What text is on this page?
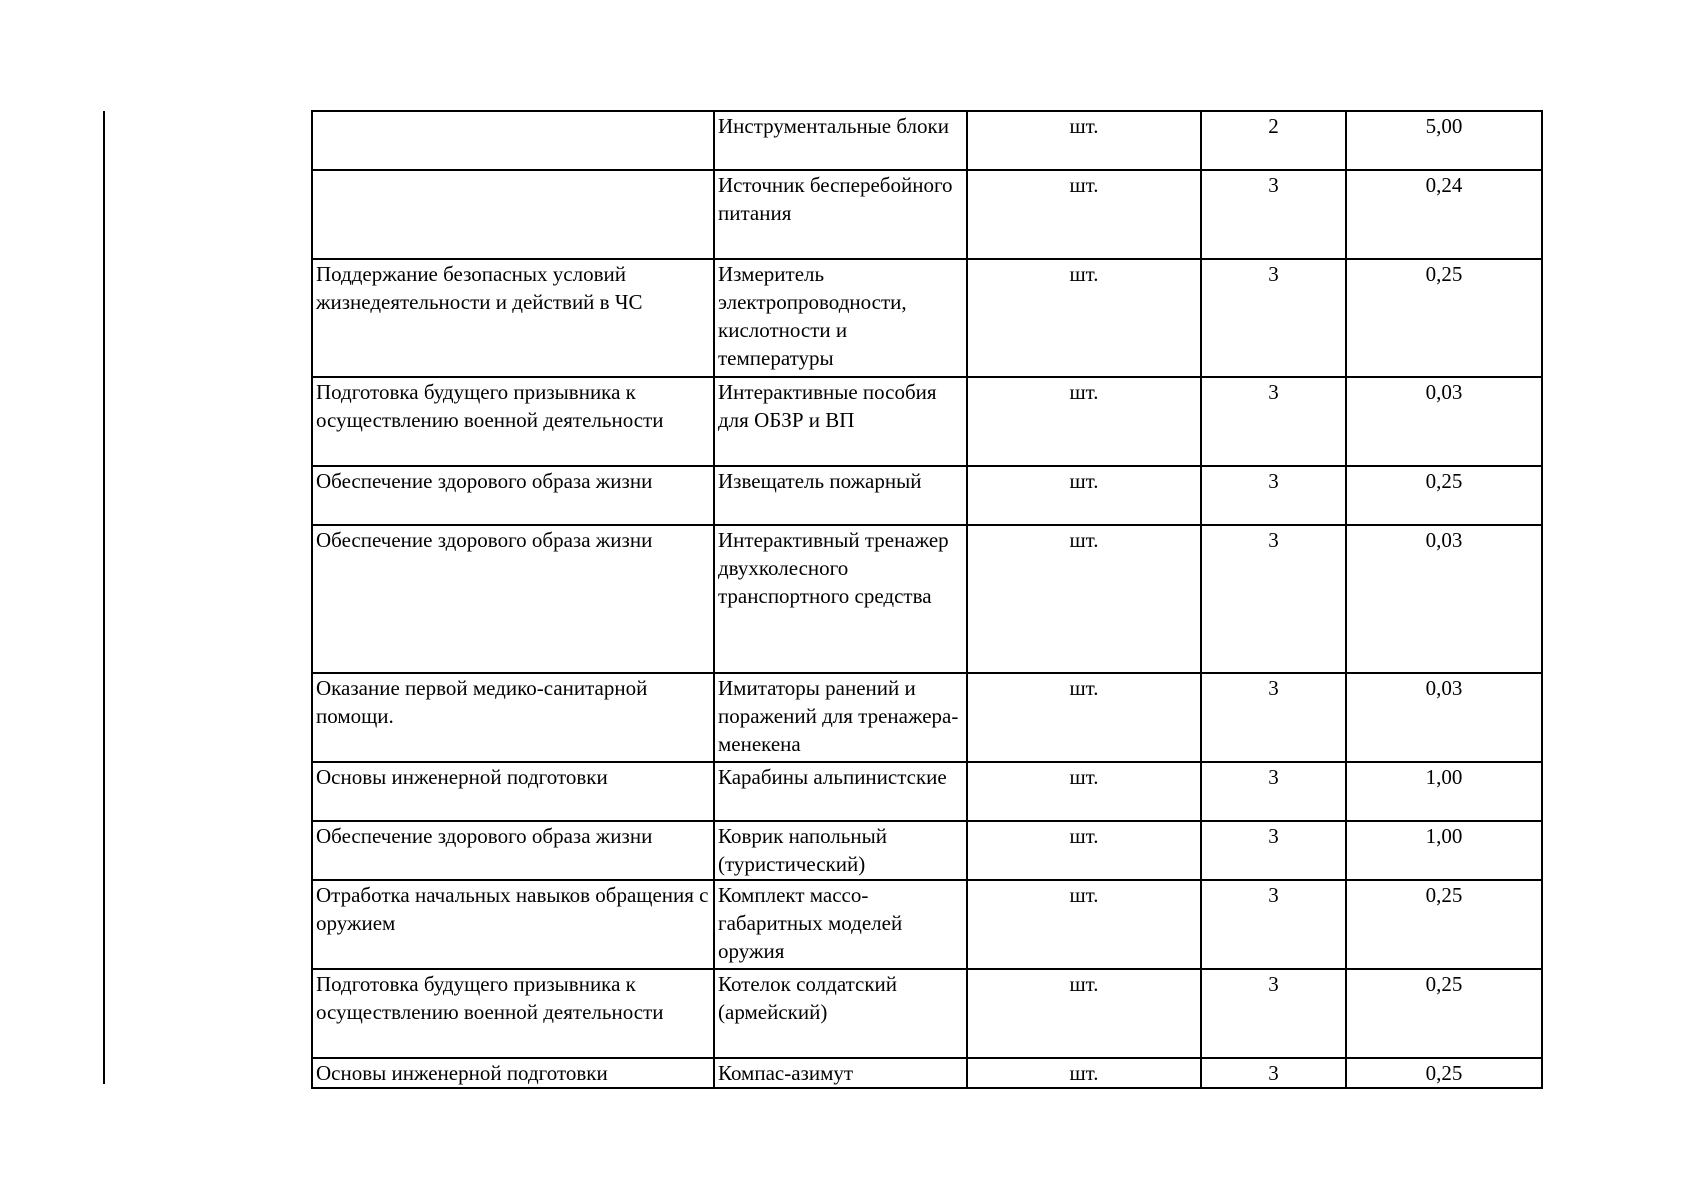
	Инструментальные блоки	шт.	2	5,00
	Источник бесперебойного питания	шт.	3	0,24
Поддержание безопасных условий жизнедеятельности и действий в ЧС	Измеритель электропроводности, кислотности и температуры	шт.	3	0,25
Подготовка будущего призывника к осуществлению военной деятельности	Интерактивные пособия для ОБЗР и ВП	шт.	3	0,03
Обеспечение здорового образа жизни	Извещатель пожарный	шт.	3	0,25
Обеспечение здорового образа жизни	Интерактивный тренажер двухколесного транспортного средства	шт.	3	0,03
Оказание первой медико-санитарной помощи.	Имитаторы ранений и поражений для тренажера-менекена	шт.	3	0,03
Основы инженерной подготовки	Карабины альпинистские	шт.	3	1,00
Обеспечение здорового образа жизни	Коврик напольный (туристический)	шт.	3	1,00
Отработка начальных навыков обращения с оружием	Комплект массо-габаритных моделей оружия	шт.	3	0,25
Подготовка будущего призывника к осуществлению военной деятельности	Котелок солдатский (армейский)	шт.	3	0,25
Основы инженерной подготовки	Компас-азимут	шт.	3	0,25
